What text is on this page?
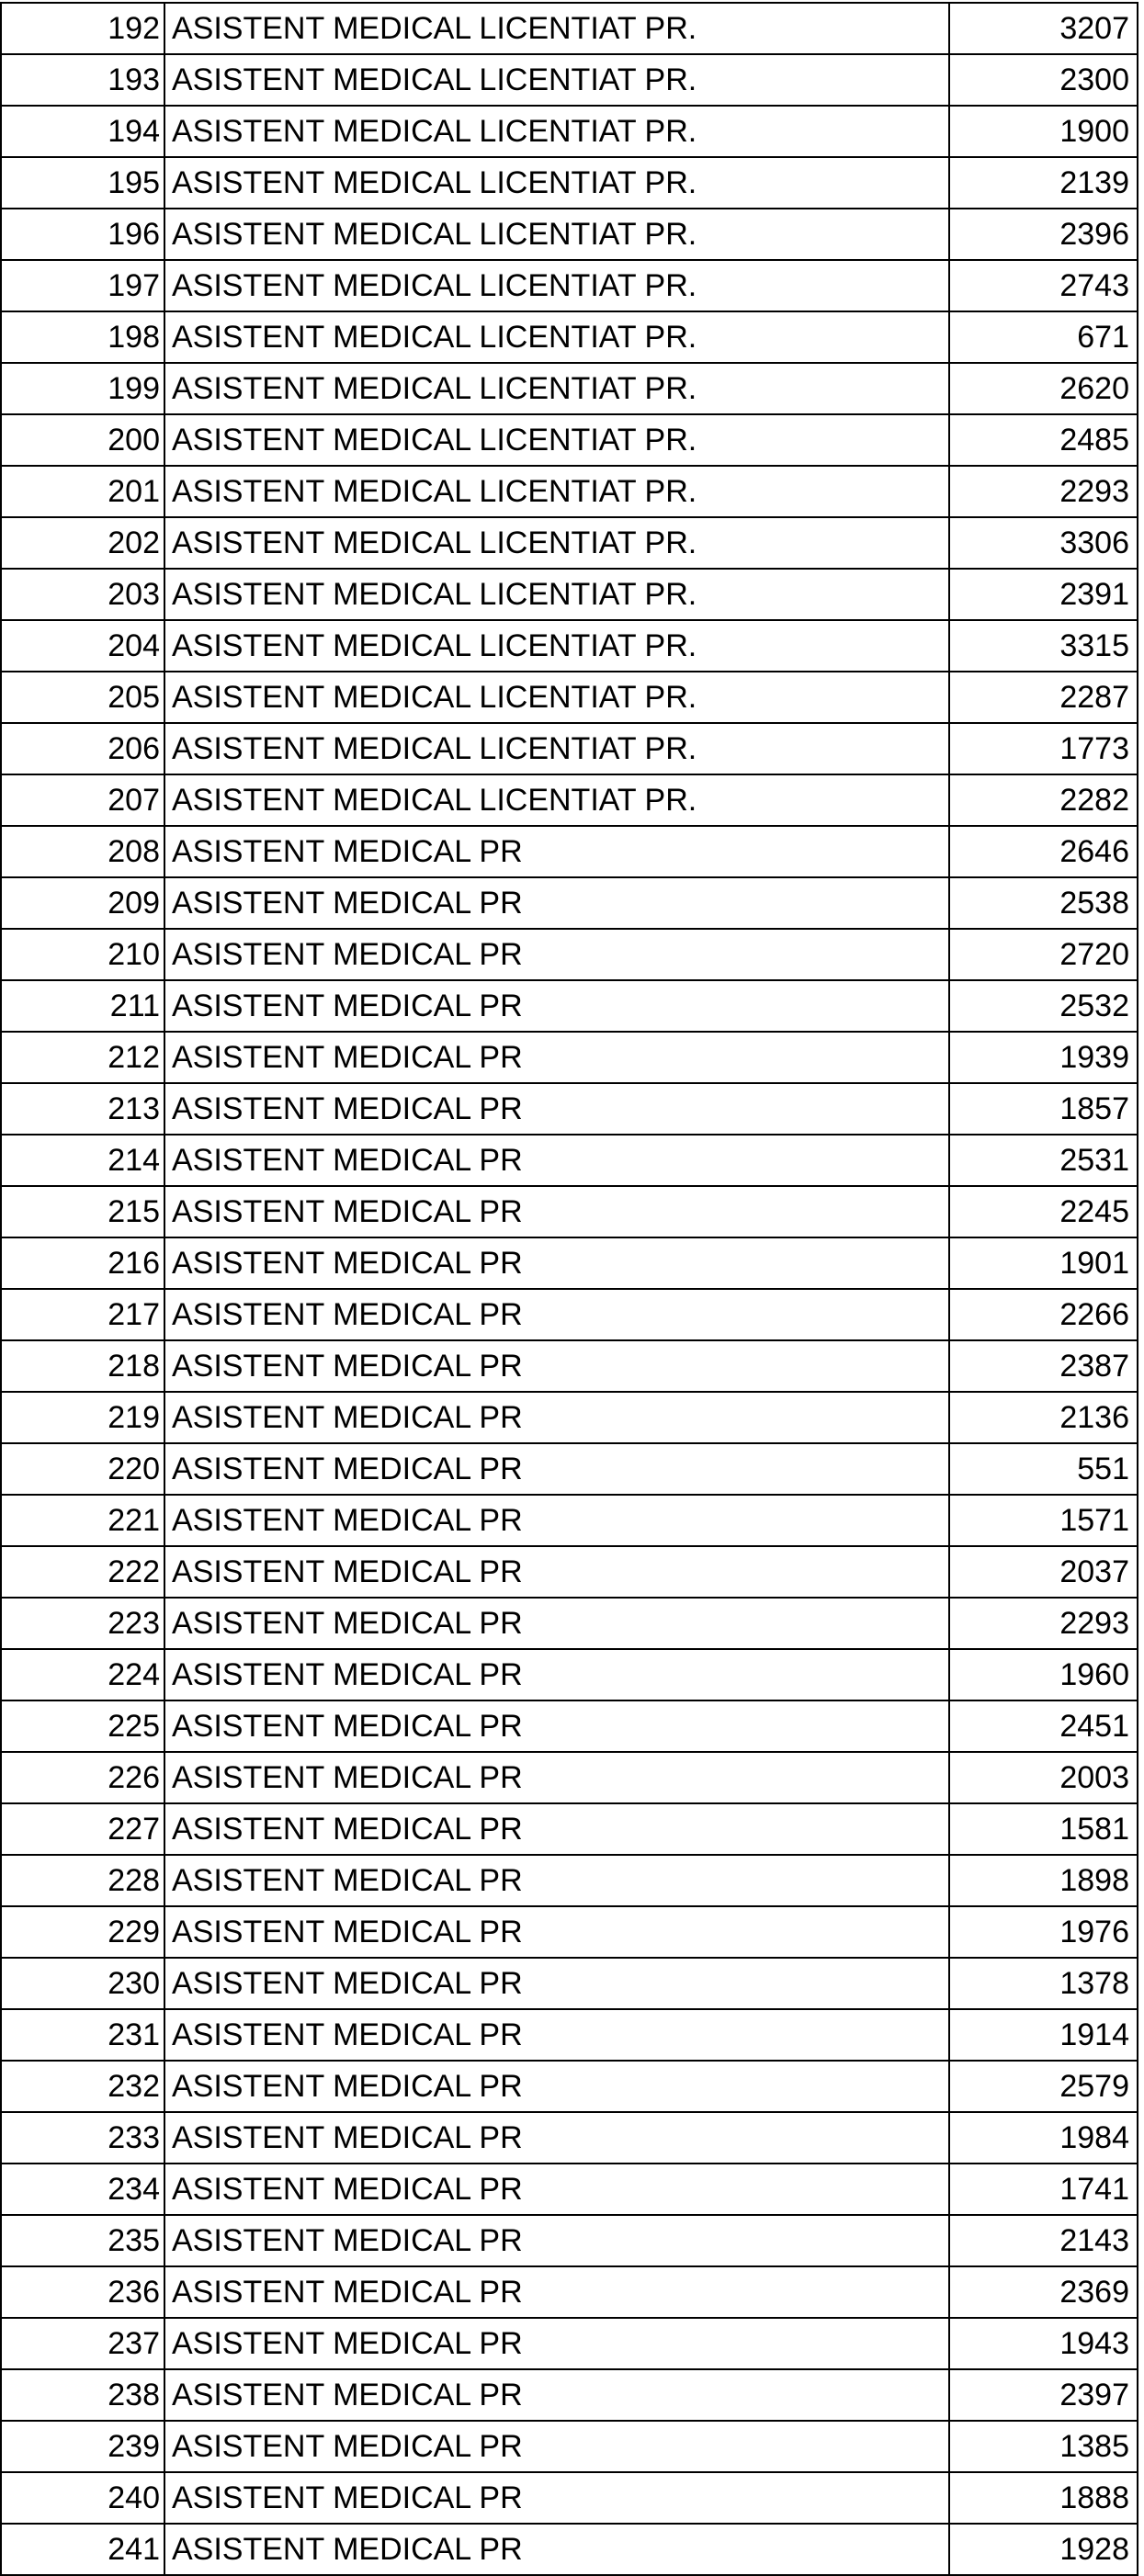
192	ASISTENT MEDICAL LICENTIAT PR.	3207
193	ASISTENT MEDICAL LICENTIAT PR.	2300
194	ASISTENT MEDICAL LICENTIAT PR.	1900
195	ASISTENT MEDICAL LICENTIAT PR.	2139
196	ASISTENT MEDICAL LICENTIAT PR.	2396
197	ASISTENT MEDICAL LICENTIAT PR.	2743
198	ASISTENT MEDICAL LICENTIAT PR.	671
199	ASISTENT MEDICAL LICENTIAT PR.	2620
200	ASISTENT MEDICAL LICENTIAT PR.	2485
201	ASISTENT MEDICAL LICENTIAT PR.	2293
202	ASISTENT MEDICAL LICENTIAT PR.	3306
203	ASISTENT MEDICAL LICENTIAT PR.	2391
204	ASISTENT MEDICAL LICENTIAT PR.	3315
205	ASISTENT MEDICAL LICENTIAT PR.	2287
206	ASISTENT MEDICAL LICENTIAT PR.	1773
207	ASISTENT MEDICAL LICENTIAT PR.	2282
208	ASISTENT MEDICAL PR	2646
209	ASISTENT MEDICAL PR	2538
210	ASISTENT MEDICAL PR	2720
211	ASISTENT MEDICAL PR	2532
212	ASISTENT MEDICAL PR	1939
213	ASISTENT MEDICAL PR	1857
214	ASISTENT MEDICAL PR	2531
215	ASISTENT MEDICAL PR	2245
216	ASISTENT MEDICAL PR	1901
217	ASISTENT MEDICAL PR	2266
218	ASISTENT MEDICAL PR	2387
219	ASISTENT MEDICAL PR	2136
220	ASISTENT MEDICAL PR	551
221	ASISTENT MEDICAL PR	1571
222	ASISTENT MEDICAL PR	2037
223	ASISTENT MEDICAL PR	2293
224	ASISTENT MEDICAL PR	1960
225	ASISTENT MEDICAL PR	2451
226	ASISTENT MEDICAL PR	2003
227	ASISTENT MEDICAL PR	1581
228	ASISTENT MEDICAL PR	1898
229	ASISTENT MEDICAL PR	1976
230	ASISTENT MEDICAL PR	1378
231	ASISTENT MEDICAL PR	1914
232	ASISTENT MEDICAL PR	2579
233	ASISTENT MEDICAL PR	1984
234	ASISTENT MEDICAL PR	1741
235	ASISTENT MEDICAL PR	2143
236	ASISTENT MEDICAL PR	2369
237	ASISTENT MEDICAL PR	1943
238	ASISTENT MEDICAL PR	2397
239	ASISTENT MEDICAL PR	1385
240	ASISTENT MEDICAL PR	1888
241	ASISTENT MEDICAL PR	1928
